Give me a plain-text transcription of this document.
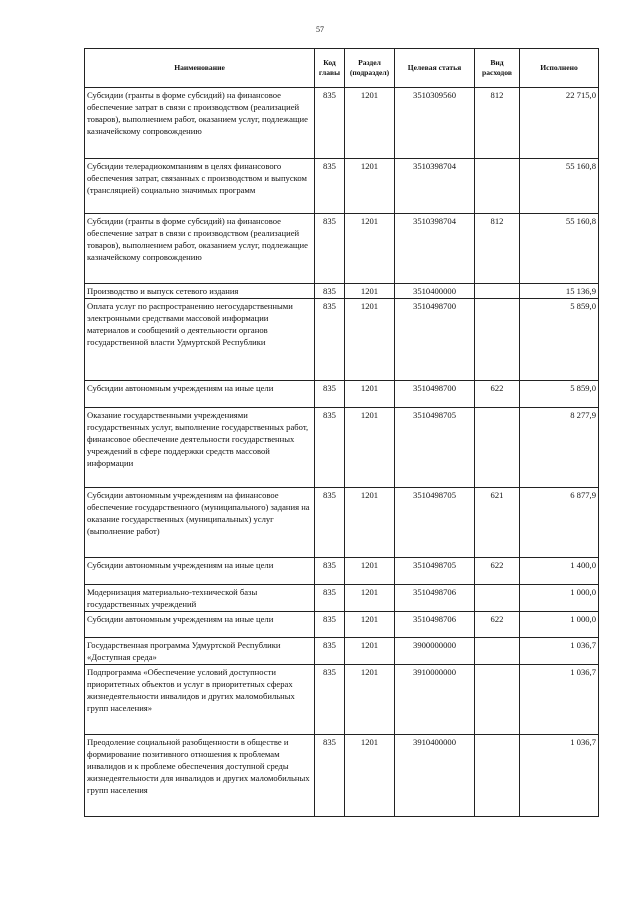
57
Наименование	Код главы	Раздел (подраздел)	Целевая статья	Вид расходов	Исполнено
Субсидии (гранты в форме субсидий) на финансовое обеспечение затрат в связи с производством (реализацией товаров), выполнением работ, оказанием услуг, подлежащие казначейскому сопровождению	835	1201	3510309560	812	22 715,0
Субсидии телерадиокомпаниям в целях финансового обеспечения затрат, связанных с производством и выпуском (трансляцией) социально значимых программ	835	1201	3510398704		55 160,8
Субсидии (гранты в форме субсидий) на финансовое обеспечение затрат в связи с производством (реализацией товаров), выполнением работ, оказанием услуг, подлежащие казначейскому сопровождению	835	1201	3510398704	812	55 160,8
Производство и выпуск сетевого издания	835	1201	3510400000		15 136,9
Оплата услуг по распространению негосударственными электронными средствами массовой информации материалов и сообщений о деятельности органов государственной власти Удмуртской Республики	835	1201	3510498700		5 859,0
Субсидии автономным учреждениям на иные цели	835	1201	3510498700	622	5 859,0
Оказание государственными учреждениями государственных услуг, выполнение государственных работ, финансовое обеспечение деятельности государственных учреждений в сфере поддержки средств массовой информации	835	1201	3510498705		8 277,9
Субсидии автономным учреждениям на финансовое обеспечение государственного (муниципального) задания на оказание государственных (муниципальных) услуг (выполнение работ)	835	1201	3510498705	621	6 877,9
Субсидии автономным учреждениям на иные цели	835	1201	3510498705	622	1 400,0
Модернизация материально-технической базы государственных учреждений	835	1201	3510498706		1 000,0
Субсидии автономным учреждениям на иные цели	835	1201	3510498706	622	1 000,0
Государственная программа Удмуртской Республики «Доступная среда»	835	1201	3900000000		1 036,7
Подпрограмма «Обеспечение условий доступности приоритетных объектов и услуг в приоритетных сферах жизнедеятельности инвалидов и других маломобильных групп населения»	835	1201	3910000000		1 036,7
Преодоление социальной разобщенности в обществе и формирование позитивного отношения к проблемам инвалидов и к проблеме обеспечения доступной среды жизнедеятельности для инвалидов и других маломобильных групп населения	835	1201	3910400000		1 036,7
